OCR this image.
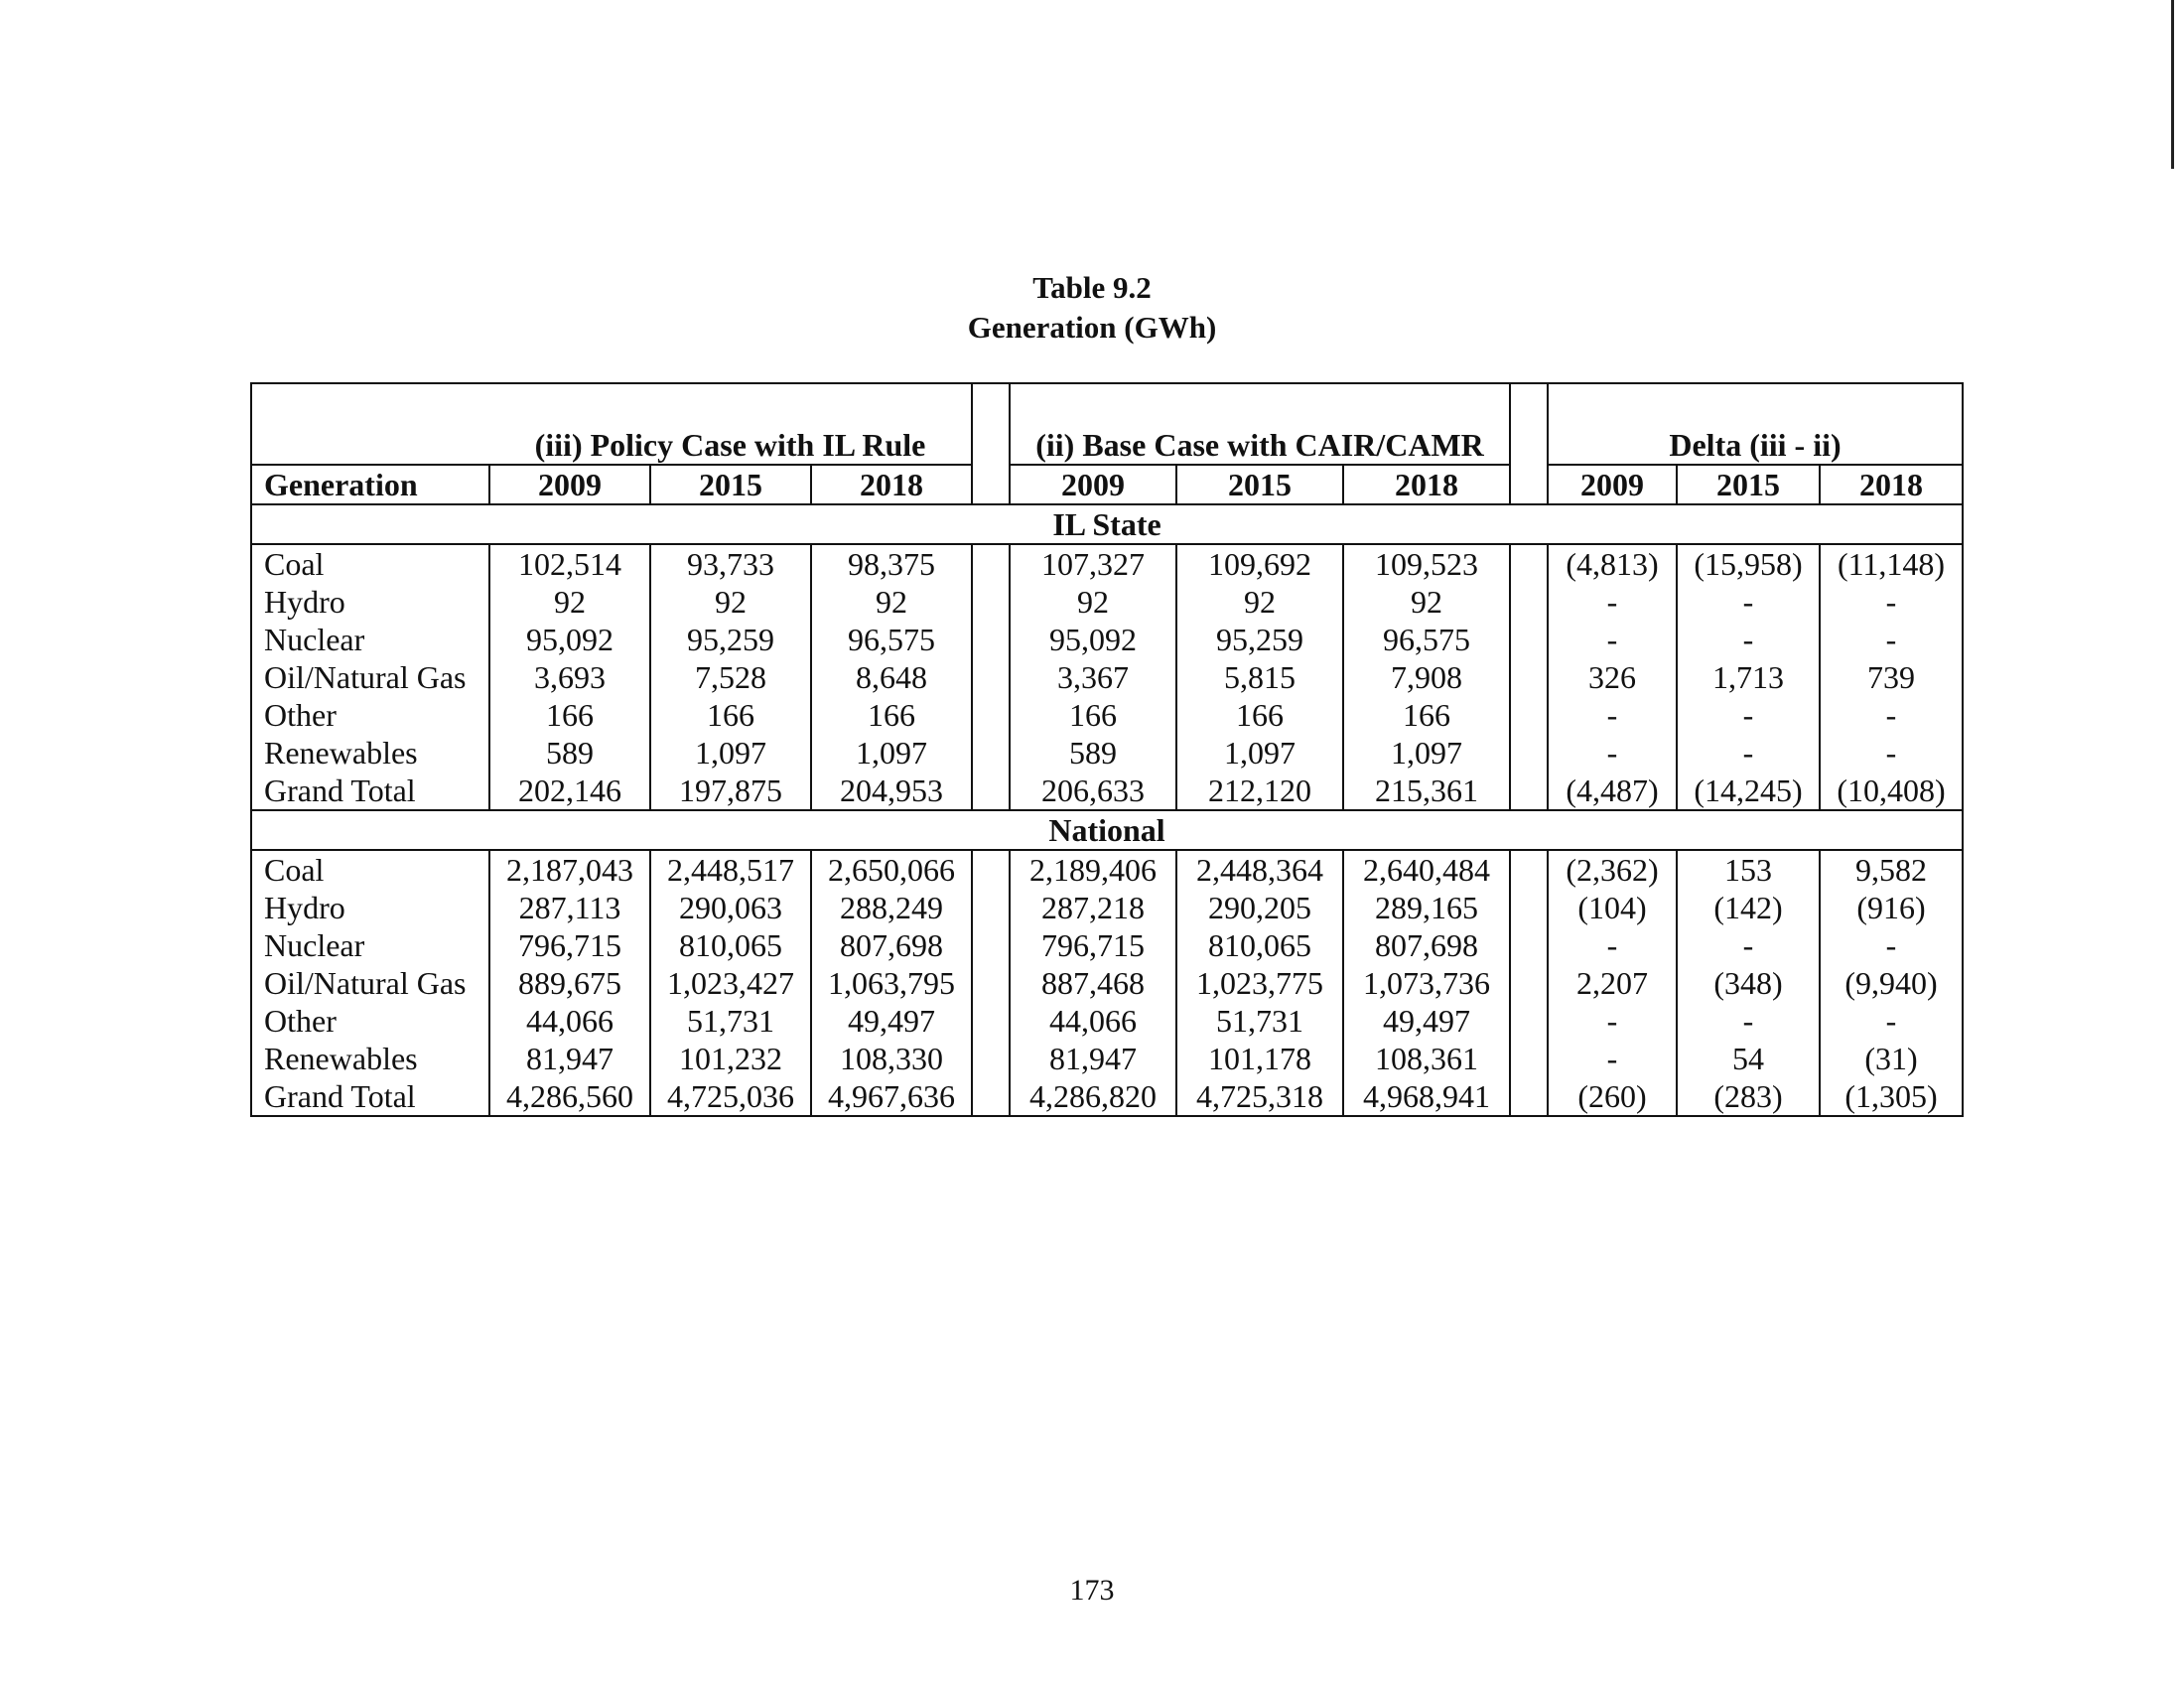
Table 9.2
Generation (GWh)
	(iii) Policy Case with IL Rule				(ii) Base Case with CAIR/CAMR				Delta (iii - ii)		
Generation	2009	2015	2018		2009	2015	2018		2009	2015	2018
IL State											
Coal	102,514	93,733	98,375		107,327	109,692	109,523		(4,813)	(15,958)	(11,148)
Hydro	92	92	92		92	92	92		-	-	-
Nuclear	95,092	95,259	96,575		95,092	95,259	96,575		-	-	-
Oil/Natural Gas	3,693	7,528	8,648		3,367	5,815	7,908		326	1,713	739
Other	166	166	166		166	166	166		-	-	-
Renewables	589	1,097	1,097		589	1,097	1,097		-	-	-
Grand Total	202,146	197,875	204,953		206,633	212,120	215,361		(4,487)	(14,245)	(10,408)
National											
Coal	2,187,043	2,448,517	2,650,066		2,189,406	2,448,364	2,640,484		(2,362)	153	9,582
Hydro	287,113	290,063	288,249		287,218	290,205	289,165		(104)	(142)	(916)
Nuclear	796,715	810,065	807,698		796,715	810,065	807,698		-	-	-
Oil/Natural Gas	889,675	1,023,427	1,063,795		887,468	1,023,775	1,073,736		2,207	(348)	(9,940)
Other	44,066	51,731	49,497		44,066	51,731	49,497		-	-	-
Renewables	81,947	101,232	108,330		81,947	101,178	108,361		-	54	(31)
Grand Total	4,286,560	4,725,036	4,967,636		4,286,820	4,725,318	4,968,941		(260)	(283)	(1,305)
173
